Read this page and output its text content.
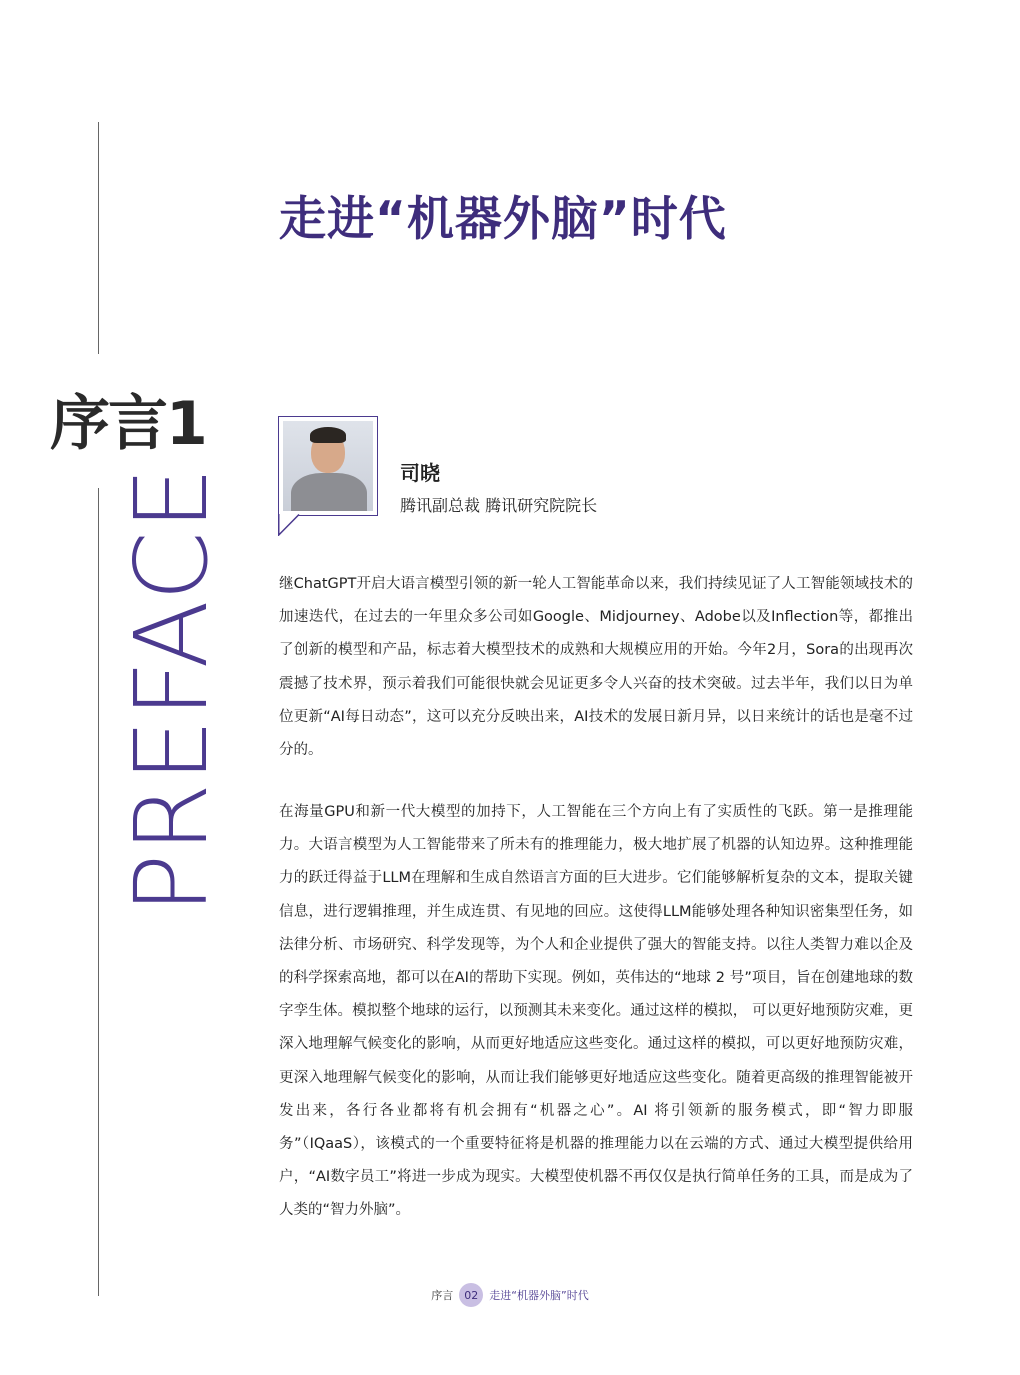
走进“机器外脑”时代
序言1
PREFACE	司晓
腾讯副总裁 腾讯研究院院长

继ChatGPT开启大语言模型引领的新一轮人工智能革命以来，我们持续见证了人工智能领域技术的加速迭代，在过去的一年里众多公司如Google、Midjourney、Adobe以及Inflection等，都推出了创新的模型和产品，标志着大模型技术的成熟和大规模应用的开始。今年2月，Sora的出现再次震撼了技术界，预示着我们可能很快就会见证更多令人兴奋的技术突破。过去半年，我们以日为单位更新“AI每日动态”，这可以充分反映出来，AI技术的发展日新月异，以日来统计的话也是毫不过分的。

在海量GPU和新一代大模型的加持下，人工智能在三个方向上有了实质性的飞跃。第一是推理能力。大语言模型为人工智能带来了所未有的推理能力，极大地扩展了机器的认知边界。这种推理能力的跃迁得益于LLM在理解和生成自然语言方面的巨大进步。它们能够解析复杂的文本，提取关键信息，进行逻辑推理，并生成连贯、有见地的回应。这使得LLM能够处理各种知识密集型任务，如法律分析、市场研究、科学发现等，为个人和企业提供了强大的智能支持。以往人类智力难以企及的科学探索高地，都可以在AI的帮助下实现。例如，英伟达的“地球 2 号”项目，旨在创建地球的数字孪生体。模拟整个地球的运行，以预测其未来变化。通过这样的模拟， 可以更好地预防灾难，更深入地理解气候变化的影响，从而更好地适应这些变化。通过这样的模拟，可以更好地预防灾难，更深入地理解气候变化的影响，从而让我们能够更好地适应这些变化。随着更高级的推理智能被开发出来，各行各业都将有机会拥有“机器之心”。AI 将引领新的服务模式，即“智力即服务”（IQaaS），该模式的一个重要特征将是机器的推理能力以在云端的方式、通过大模型提供给用户，“AI数字员工”将进一步成为现实。大模型使机器不再仅仅是执行简单任务的工具，而是成为了人类的“智力外脑”。

序言	02	走进“机器外脑”时代
